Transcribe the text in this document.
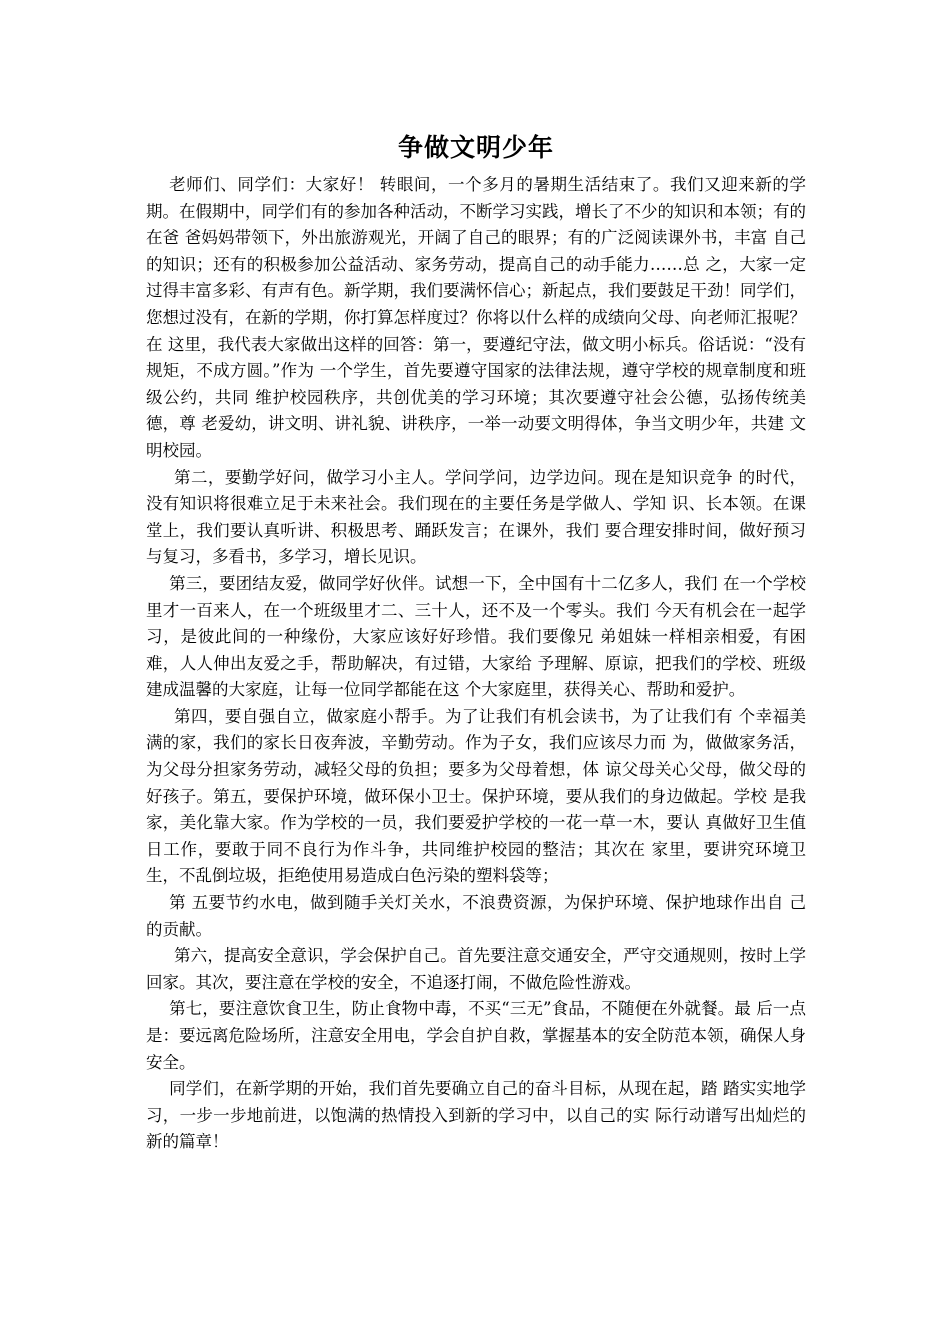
争做文明少年

老师们、同学们：大家好！ 转眼间，一个多月的暑期生活结束了。我们又迎来新的学期。在假期中，同学们有的参加各种活动，不断学习实践，增长了不少的知识和本领；有的在爸 爸妈妈带领下，外出旅游观光，开阔了自己的眼界；有的广泛阅读课外书，丰富 自己的知识；还有的积极参加公益活动、家务劳动，提高自己的动手能力……总 之，大家一定过得丰富多彩、有声有色。新学期，我们要满怀信心；新起点，我们要鼓足干劲！同学们，您想过没有，在新的学期，你打算怎样度过？你将以什么样的成绩向父母、向老师汇报呢？在 这里，我代表大家做出这样的回答：第一，要遵纪守法，做文明小标兵。俗话说：“没有规矩，不成方圆。”作为 一个学生，首先要遵守国家的法律法规，遵守学校的规章制度和班级公约，共同 维护校园秩序，共创优美的学习环境；其次要遵守社会公德，弘扬传统美德，尊 老爱幼，讲文明、讲礼貌、讲秩序，一举一动要文明得体，争当文明少年，共建 文明校园。

第二，要勤学好问，做学习小主人。学问学问，边学边问。现在是知识竞争 的时代，没有知识将很难立足于未来社会。我们现在的主要任务是学做人、学知 识、长本领。在课堂上，我们要认真听讲、积极思考、踊跃发言；在课外，我们 要合理安排时间，做好预习与复习，多看书，多学习，增长见识。

第三，要团结友爱，做同学好伙伴。试想一下，全中国有十二亿多人，我们 在一个学校里才一百来人，在一个班级里才二、三十人，还不及一个零头。我们 今天有机会在一起学习，是彼此间的一种缘份，大家应该好好珍惜。我们要像兄 弟姐妹一样相亲相爱，有困难，人人伸出友爱之手，帮助解决，有过错，大家给 予理解、原谅，把我们的学校、班级建成温馨的大家庭，让每一位同学都能在这 个大家庭里，获得关心、帮助和爱护。

第四，要自强自立，做家庭小帮手。为了让我们有机会读书，为了让我们有 个幸福美满的家，我们的家长日夜奔波，辛勤劳动。作为子女，我们应该尽力而 为，做做家务活，为父母分担家务劳动，减轻父母的负担；要多为父母着想，体 谅父母关心父母，做父母的好孩子。第五，要保护环境，做环保小卫士。保护环境，要从我们的身边做起。学校 是我家，美化靠大家。作为学校的一员，我们要爱护学校的一花一草一木，要认 真做好卫生值日工作，要敢于同不良行为作斗争，共同维护校园的整洁；其次在 家里，要讲究环境卫生，不乱倒垃圾，拒绝使用易造成白色污染的塑料袋等；

第 五要节约水电，做到随手关灯关水，不浪费资源，为保护环境、保护地球作出自 己的贡献。

第六，提高安全意识，学会保护自己。首先要注意交通安全，严守交通规则，按时上学回家。其次，要注意在学校的安全，不追逐打闹，不做危险性游戏。

第七，要注意饮食卫生，防止食物中毒，不买“三无”食品，不随便在外就餐。最 后一点是：要远离危险场所，注意安全用电，学会自护自救，掌握基本的安全防范本领，确保人身安全。

同学们，在新学期的开始，我们首先要确立自己的奋斗目标，从现在起，踏 踏实实地学习，一步一步地前进，以饱满的热情投入到新的学习中，以自己的实 际行动谱写出灿烂的新的篇章！
